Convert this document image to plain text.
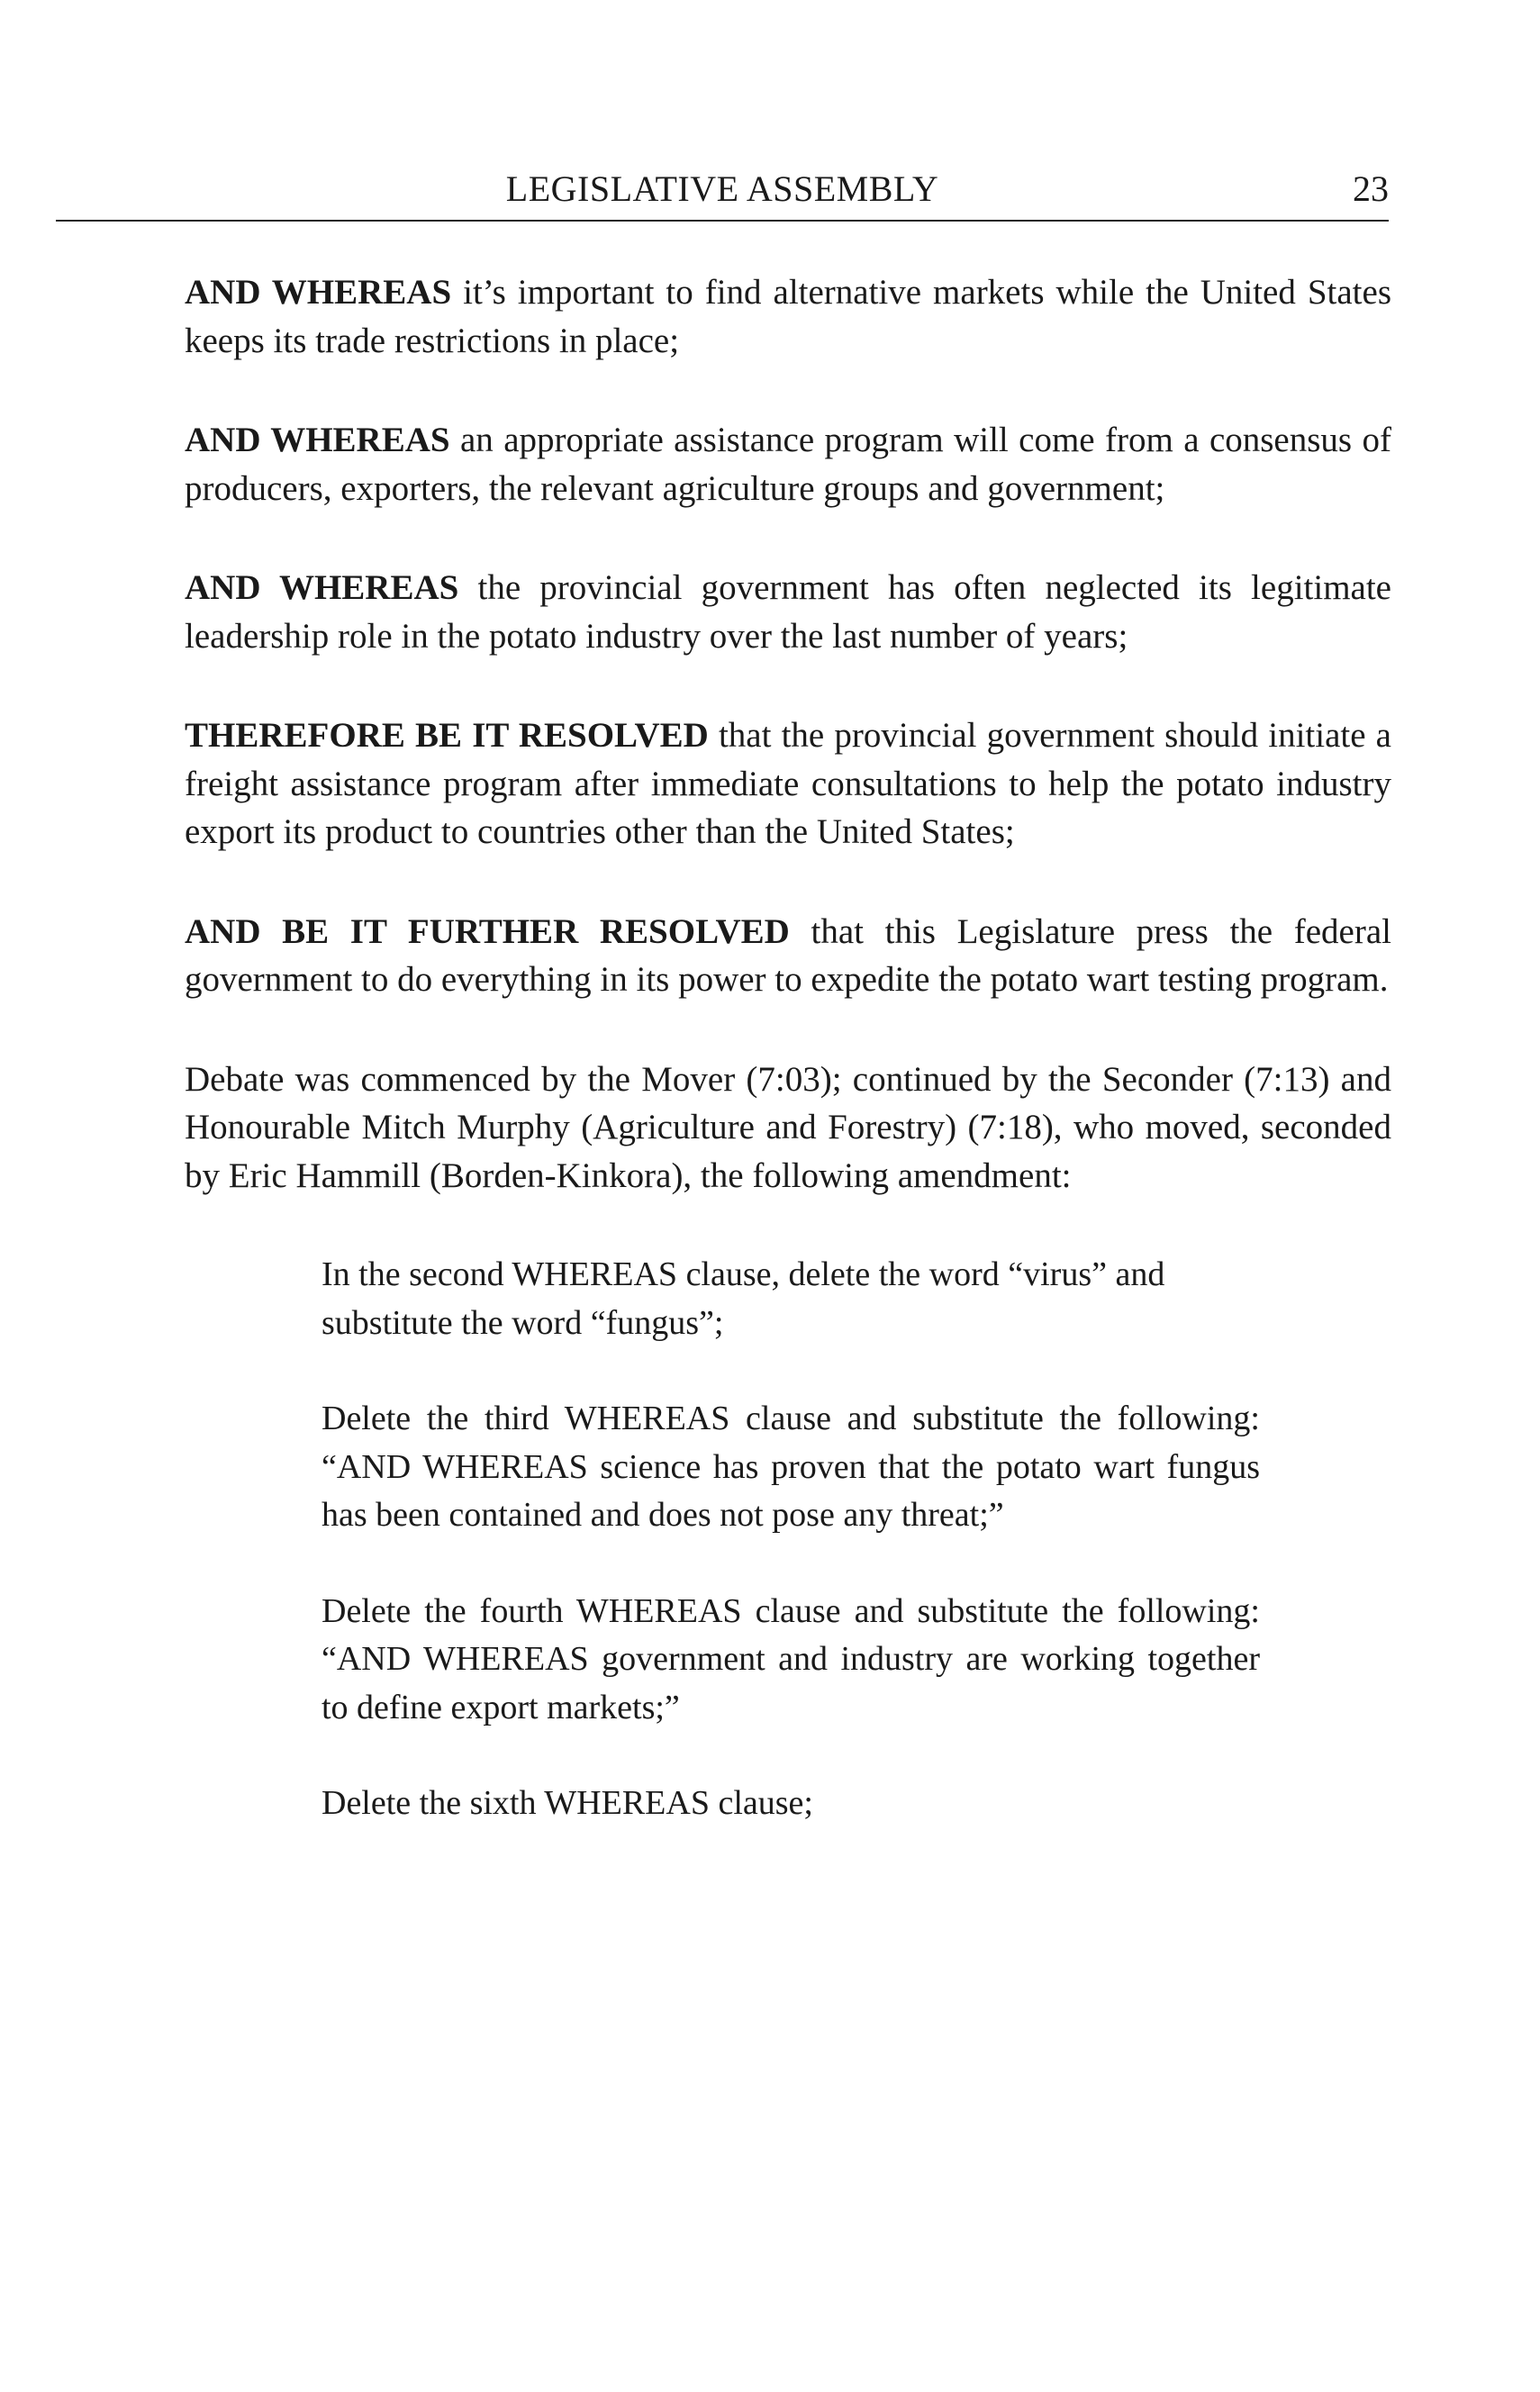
LEGISLATIVE ASSEMBLY	23

AND WHEREAS it’s important to find alternative markets while the United States keeps its trade restrictions in place;

AND WHEREAS an appropriate assistance program will come from a consensus of producers, exporters, the relevant agriculture groups and government;

AND WHEREAS the provincial government has often neglected its legitimate leadership role in the potato industry over the last number of years;

THEREFORE BE IT RESOLVED that the provincial government should initiate a freight assistance program after immediate consultations to help the potato industry export its product to countries other than the United States;

AND BE IT FURTHER RESOLVED that this Legislature press the federal government to do everything in its power to expedite the potato wart testing program.

Debate was commenced by the Mover (7:03); continued by the Seconder (7:13) and Honourable Mitch Murphy (Agriculture and Forestry) (7:18), who moved, seconded by Eric Hammill (Borden-Kinkora), the following amendment:

In the second WHEREAS clause, delete the word “virus” and substitute the word “fungus”;

Delete the third WHEREAS clause and substitute the following: “AND WHEREAS science has proven that the potato wart fungus has been contained and does not pose any threat;”

Delete the fourth WHEREAS clause and substitute the following: “AND WHEREAS government and industry are working together to define export markets;”

Delete the sixth WHEREAS clause;
